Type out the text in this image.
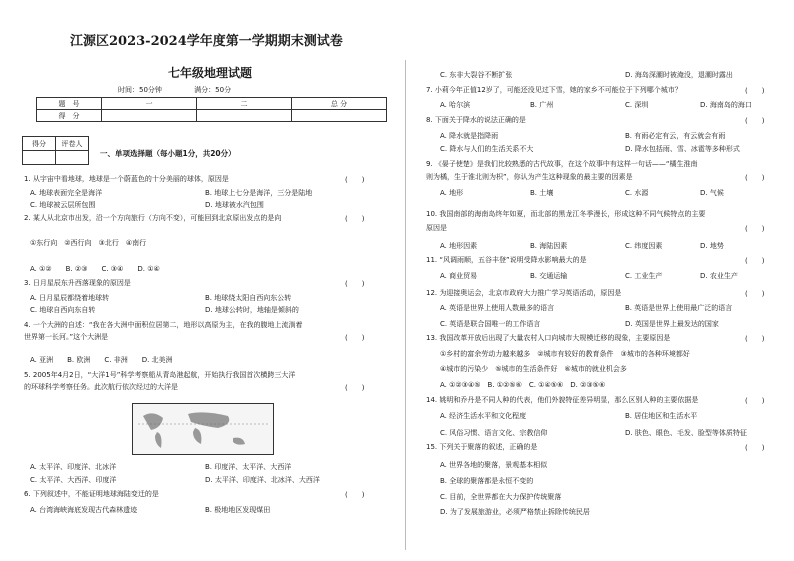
江源区2023-2024学年度第一学期期末测试卷
七年级地理试题
时间：50分钟	满分：50分
题　号	一	二	总 分
得　分			
得分	评卷人

一、单项选择题（每小题1分，共20分）
1. 从宇宙中看地球，地球是一个蔚蓝色的十分美丽的球体，原因是
A. 地球表面完全是海洋	B. 地球上七分是海洋，三分是陆地
C. 地球被云层所包围	D. 地球被水汽包围
(　　)
2. 某人从北京市出发，沿一个方向旅行（方向不变），可能回到北京原出发点的是向
①东行向　②西行向　③北行　④南行
A. ①②　　B. ②③　　C. ③④　　D. ①④
(　　)
3. 日月星辰东升西落现象的原因是
A. 日月星辰都绕着地球转	B. 地球绕太阳自西向东公转
C. 地球自西向东自转	D. 地球公转时，地轴是倾斜的
(　　)
4. 一个大洲的自述：“我在各大洲中面积位居第二，地形以高原为主，在我的腹地上流淌着
世界第一长河。”这个大洲是
A. 亚洲　　B. 欧洲　　C. 非洲　　D. 北美洲
(　　)
5. 2005年4月2日，“大洋1号”科学考察船从青岛港起航，开始执行我国首次横跨三大洋
的环球科学考察任务。此次航行依次经过的大洋是
A. 太平洋、印度洋、北冰洋	B. 印度洋、太平洋、大西洋
C. 太平洋、大西洋、印度洋	D. 太平洋、印度洋、北冰洋、大西洋
(　　)
6. 下列叙述中，不能证明地球海陆变迁的是
A. 台湾海峡海底发现古代森林遗迹	B. 极地地区发现煤田
(　　)
C. 东非大裂谷不断扩张	D. 海岛深潮时被淹没，退潮时露出
7. 小莉今年正值12岁了，可能还没见过下雪，她的家乡不可能位于下列哪个城市？	(　　)
A. 哈尔滨	B. 广州	C. 深圳	D. 海南岛的海口
8. 下面关于降水的说法正确的是	(　　)
A. 降水就是指降雨	B. 有雨必定有云，有云就会有雨
C. 降水与人们的生活关系不大	D. 降水包括雨、雪、冰雹等多种形式
9. 《晏子使楚》是我们比较熟悉的古代故事，在这个故事中有这样一句话——“橘生淮南
则为橘，生于淮北则为枳”，你认为产生这种现象的最主要的因素是	(　　)
A. 地形	B. 土壤	C. 水源	D. 气候
10. 我国南部的海南岛终年如夏，而北部的黑龙江冬季漫长，形成这种不同气候特点的主要
原因是	(　　)
A. 地形因素	B. 海陆因素	C. 纬度因素	D. 地势
11. “风调雨顺，五谷丰登”说明受降水影响最大的是	(　　)
A. 商业贸易	B. 交通运输	C. 工业生产	D. 农业生产
12. 为迎接奥运会，北京市政府大力推广学习英语活动，原因是	(　　)
A. 英语是世界上使用人数最多的语言	B. 英语是世界上使用最广泛的语言
C. 英语是联合国唯一的工作语言	D. 英国是世界上最发达的国家
13. 我国改革开放后出现了大量农村人口向城市大规模迁移的现象，主要原因是	(　　)
①乡村的富余劳动力越来越多　②城市有较好的教育条件　③城市的各种环境都好
④城市的污染少　⑤城市的生活条件好　⑥城市的就业机会多
A. ①②③④⑤　B. ①②⑤⑥　C. ①④⑤⑥　D. ②③⑤⑥
14. 姚明和乔丹是不同人种的代表，他们外貌特征差异明显，那么区别人种的主要依据是	(　　)
A. 经济生活水平和文化程度	B. 居住地区和生活水平
C. 风俗习惯、语言文化、宗教信仰	D. 肤色、眼色、毛发、脸型等体质特征
15. 下列关于聚落的叙述，正确的是	(　　)
A. 世界各地的聚落，景观基本相似
B. 全球的聚落都是永恒不变的
C. 目前，全世界都在大力保护传统聚落
D. 为了发展旅游业，必须严格禁止拆除传统民居
